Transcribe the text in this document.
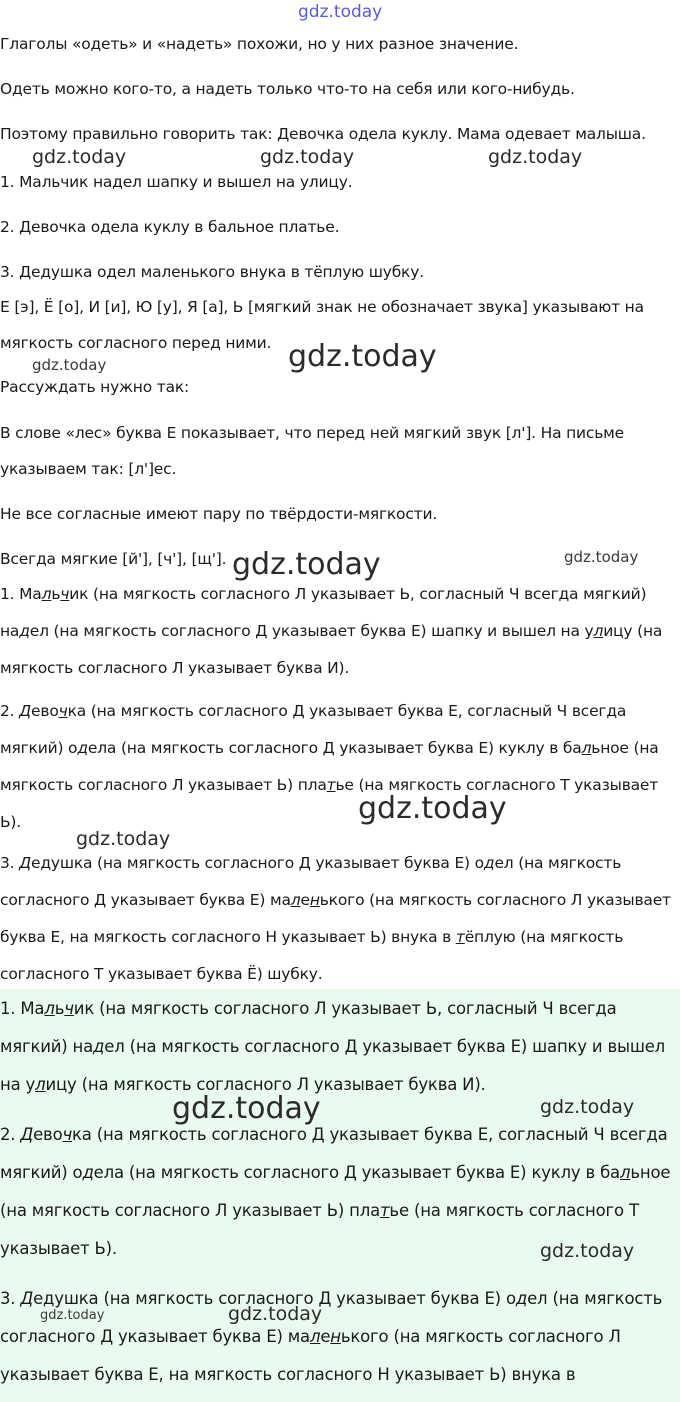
gdz.today
gdz.today	gdz.today	gdz.today
gdz.today	gdz.today
gdz.today	gdz.today
gdz.today
gdz.today

Глаголы «одеть» и «надеть» похожи, но у них разное значение.

Одеть можно кого-то, а надеть только что-то на себя или кого-нибудь.

Поэтому правильно говорить так: Девочка одела куклу. Мама одевает малыша.

1. Мальчик надел шапку и вышел на улицу.

2. Девочка одела куклу в бальное платье.

3. Дедушка одел маленького внука в тёплую шубку.

Е [э], Ё [о], И [и], Ю [у], Я [а], Ь [мягкий знак не обозначает звука] указывают на

мягкость согласного перед ними.

Рассуждать нужно так:

В слове «лес» буква Е показывает, что перед ней мягкий звук [л']. На письме

указываем так: [л']ес.

Не все согласные имеют пару по твёрдости-мягкости.

Всегда мягкие [й'], [ч'], [щ'].

1. Мальчик (на мягкость согласного Л указывает Ь, согласный Ч всегда мягкий) надел (на мягкость согласного Д указывает буква Е) шапку и вышел на улицу (на мягкость согласного Л указывает буква И).

2. Девочка (на мягкость согласного Д указывает буква Е, согласный Ч всегда мягкий) одела (на мягкость согласного Д указывает буква Е) куклу в бальное (на мягкость согласного Л указывает Ь) платье (на мягкость согласного Т указывает Ь).

3. Дедушка (на мягкость согласного Д указывает буква Е) одел (на мягкость согласного Д указывает буква Е) маленького (на мягкость согласного Л указывает буква Е, на мягкость согласного Н указывает Ь) внука в тёплую (на мягкость согласного Т указывает буква Ё) шубку.

1. Мальчик (на мягкость согласного Л указывает Ь, согласный Ч всегда мягкий) надел (на мягкость согласного Д указывает буква Е) шапку и вышел на улицу (на мягкость согласного Л указывает буква И).

2. Девочка (на мягкость согласного Д указывает буква Е, согласный Ч всегда мягкий) одела (на мягкость согласного Д указывает буква Е) куклу в бальное (на мягкость согласного Л указывает Ь) платье (на мягкость согласного Т указывает Ь).

3. Дедушка (на мягкость согласного Д указывает буква Е) одел (на мягкость согласного Д указывает буква Е) маленького (на мягкость согласного Л указывает буква Е, на мягкость согласного Н указывает Ь) внука в

gdz.today	gdz.today
gdz.today
gdz.today	gdz.today
